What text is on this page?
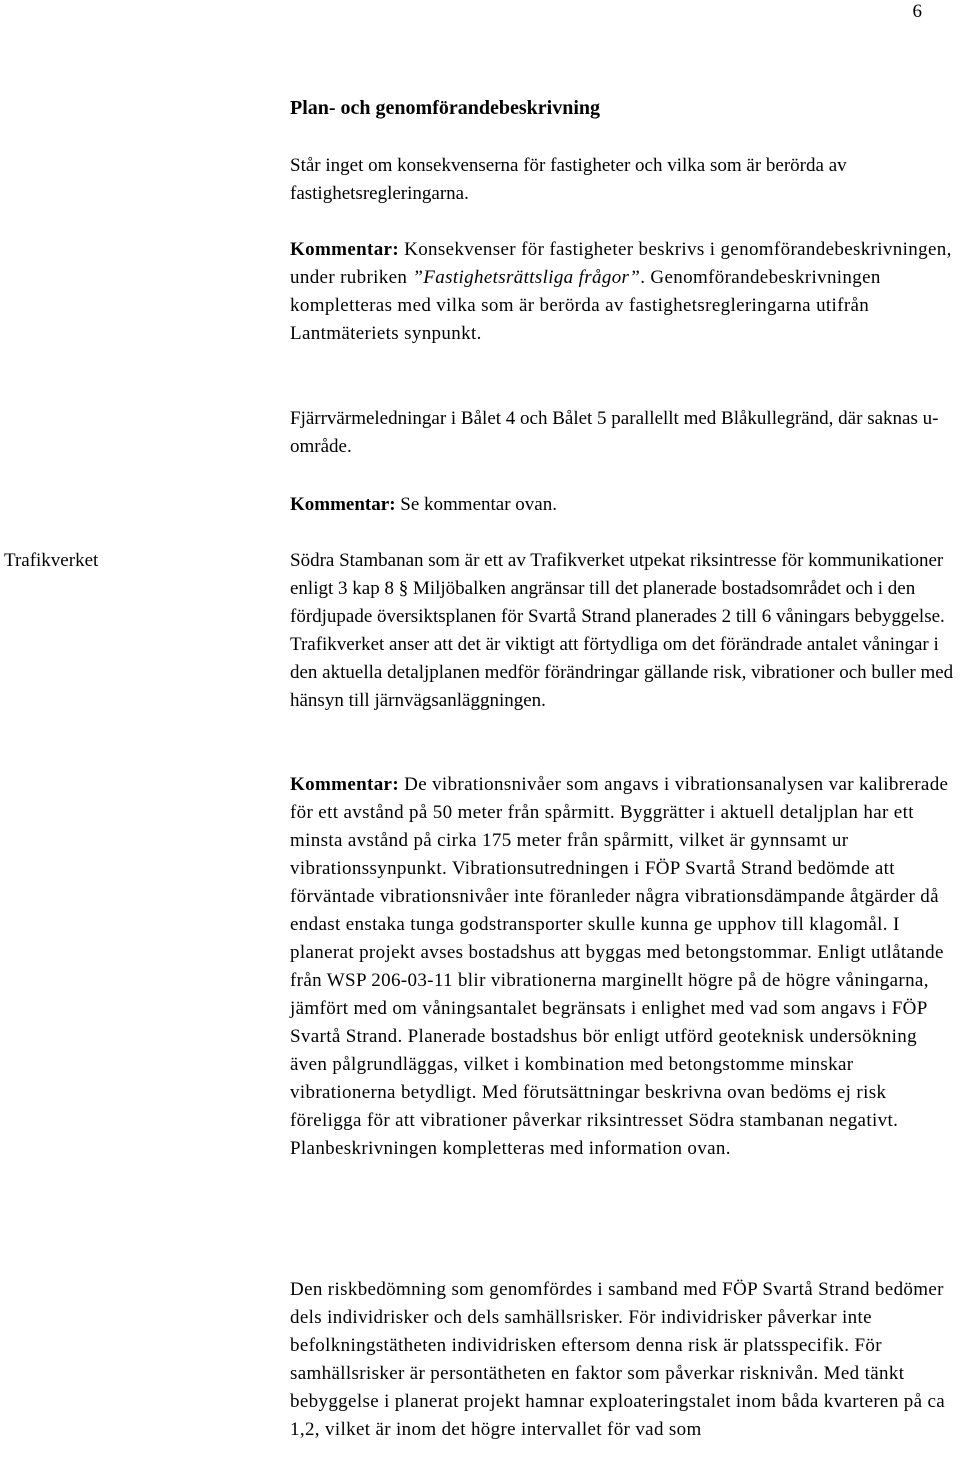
6
Plan- och genomförandebeskrivning

Står inget om konsekvenserna för fastigheter och vilka som är berörda av fastighetsregleringarna.

Kommentar: Konsekvenser för fastigheter beskrivs i genomförandebeskrivningen, under rubriken ”Fastighetsrättsliga frågor”. Genomförandebeskrivningen kompletteras med vilka som är berörda av fastighetsregleringarna utifrån Lantmäteriets synpunkt.

Fjärrvärmeledningar i Bålet 4 och Bålet 5 parallellt med Blåkullegränd, där saknas u-område.

Kommentar: Se kommentar ovan.

Trafikverket	Södra Stambanan som är ett av Trafikverket utpekat riksintresse för kommunikationer enligt 3 kap 8 § Miljöbalken angränsar till det planerade bostadsområdet och i den fördjupade översiktsplanen för Svartå Strand planerades 2 till 6 våningars bebyggelse. Trafikverket anser att det är viktigt att förtydliga om det förändrade antalet våningar i den aktuella detaljplanen medför förändringar gällande risk, vibrationer och buller med hänsyn till järnvägsanläggningen.

Kommentar: De vibrationsnivåer som angavs i vibrationsanalysen var kalibrerade för ett avstånd på 50 meter från spårmitt. Byggrätter i aktuell detaljplan har ett minsta avstånd på cirka 175 meter från spårmitt, vilket är gynnsamt ur vibrationssynpunkt. Vibrationsutredningen i FÖP Svartå Strand bedömde att förväntade vibrationsnivåer inte föranleder några vibrationsdämpande åtgärder då endast enstaka tunga godstransporter skulle kunna ge upphov till klagomål. I planerat projekt avses bostadshus att byggas med betongstommar. Enligt utlåtande från WSP 206-03-11 blir vibrationerna marginellt högre på de högre våningarna, jämfört med om våningsantalet begränsats i enlighet med vad som angavs i FÖP Svartå Strand. Planerade bostadshus bör enligt utförd geoteknisk undersökning även pålgrundläggas, vilket i kombination med betongstomme minskar vibrationerna betydligt. Med förutsättningar beskrivna ovan bedöms ej risk föreligga för att vibrationer påverkar riksintresset Södra stambanan negativt. Planbeskrivningen kompletteras med information ovan.

Den riskbedömning som genomfördes i samband med FÖP Svartå Strand bedömer dels individrisker och dels samhällsrisker. För individrisker påverkar inte befolkningstätheten individrisken eftersom denna risk är platsspecifik. För samhällsrisker är persontätheten en faktor som påverkar risknivån. Med tänkt bebyggelse i planerat projekt hamnar exploateringstalet inom båda kvarteren på ca 1,2, vilket är inom det högre intervallet för vad som
